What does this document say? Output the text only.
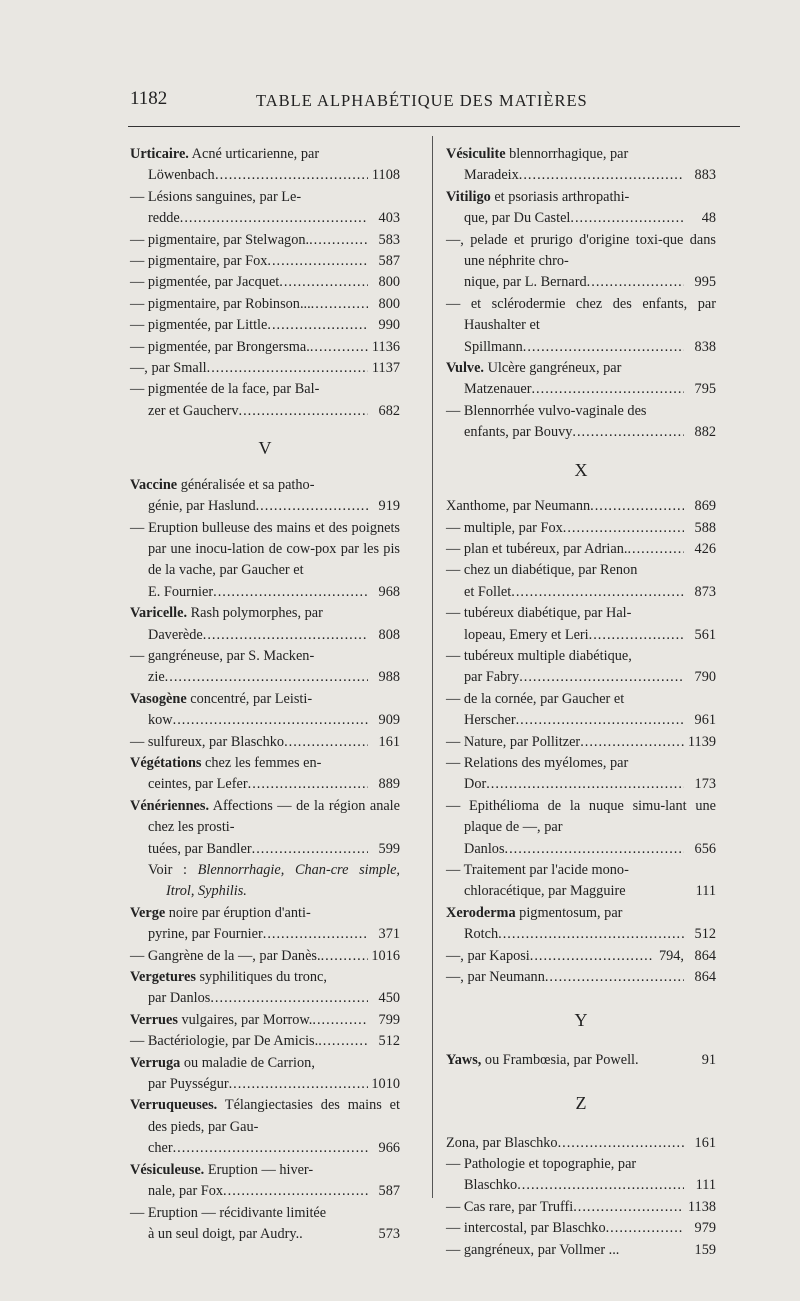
1182	TABLE ALPHABÉTIQUE DES MATIÈRES

Urticaire. Acné urticarienne, par

Löwenbach .....	1108

— Lésions sanguines, par Le-

redde .....	403

— pigmentaire, par Stelwagon. .....	583

— pigmentaire, par Fox .....	587

— pigmentée, par Jacquet .....	800

— pigmentaire, par Robinson... .....	800

— pigmentée, par Little .....	990

— pigmentée, par Brongersma. .....	1136

—, par Small .....	1137

— pigmentée de la face, par Bal-

zer et Gaucherv .....	682

V

Vaccine généralisée et sa patho-

génie, par Haslund .....	919

— Eruption bulleuse des mains et des poignets par une inocu-lation de cow-pox par les pis de la vache, par Gaucher et

E. Fournier .....	968

Varicelle. Rash polymorphes, par

Daverède .....	808

— gangréneuse, par S. Macken-

zie .....	988

Vasogène concentré, par Leisti-

kow .....	909

— sulfureux, par Blaschko .....	161

Végétations chez les femmes en-

ceintes, par Lefer .....	889

Vénériennes. Affections — de la région anale chez les prosti-

tuées, par Bandler .....	599

Voir : Blennorrhagie, Chan-cre simple, Itrol, Syphilis.

Verge noire par éruption d'anti-

pyrine, par Fournier .....	371

— Gangrène de la —, par Danès. .....	1016

Vergetures syphilitiques du tronc,

par Danlos .....	450

Verrues vulgaires, par Morrow. .....	799

— Bactériologie, par De Amicis. .....	512

Verruga ou maladie de Carrion,

par Puysségur .....	1010

Verruqueuses. Télangiectasies des mains et des pieds, par Gau-

cher .....	966

Vésiculeuse. Eruption — hiver-

nale, par Fox .....	587

— Eruption — récidivante limitée

à un seul doigt, par Audry..	573

Vésiculite blennorrhagique, par

Maradeix .....	883

Vitiligo et psoriasis arthropathi-

que, par Du Castel .....	48

—, pelade et prurigo d'origine toxi-que dans une néphrite chro-

nique, par L. Bernard .....	995

— et sclérodermie chez des enfants, par Haushalter et

Spillmann .....	838

Vulve. Ulcère gangréneux, par

Matzenauer .....	795

— Blennorrhée vulvo-vaginale des

enfants, par Bouvy .....	882

X

Xanthome, par Neumann .....	869

— multiple, par Fox .....	588

— plan et tubéreux, par Adrian. .....	426

— chez un diabétique, par Renon

et Follet .....	873

— tubéreux diabétique, par Hal-

lopeau, Emery et Leri .....	561

— tubéreux multiple diabétique,

par Fabry .....	790

— de la cornée, par Gaucher et

Herscher .....	961

— Nature, par Pollitzer .....	1139

— Relations des myélomes, par

Dor .....	173

— Epithélioma de la nuque simu-lant une plaque de —, par

Danlos .....	656

— Traitement par l'acide mono-

chloracétique, par Magguire	111

Xeroderma pigmentosum, par

Rotch .....	512

—, par Kaposi .....	794, 864

—, par Neumann .....	864

Y

Yaws, ou Frambœsia, par Powell.	91

Z

Zona, par Blaschko .....	161

— Pathologie et topographie, par

Blaschko .....	111

— Cas rare, par Truffi .....	1138

— intercostal, par Blaschko .....	979

— gangréneux, par Vollmer ...	159
